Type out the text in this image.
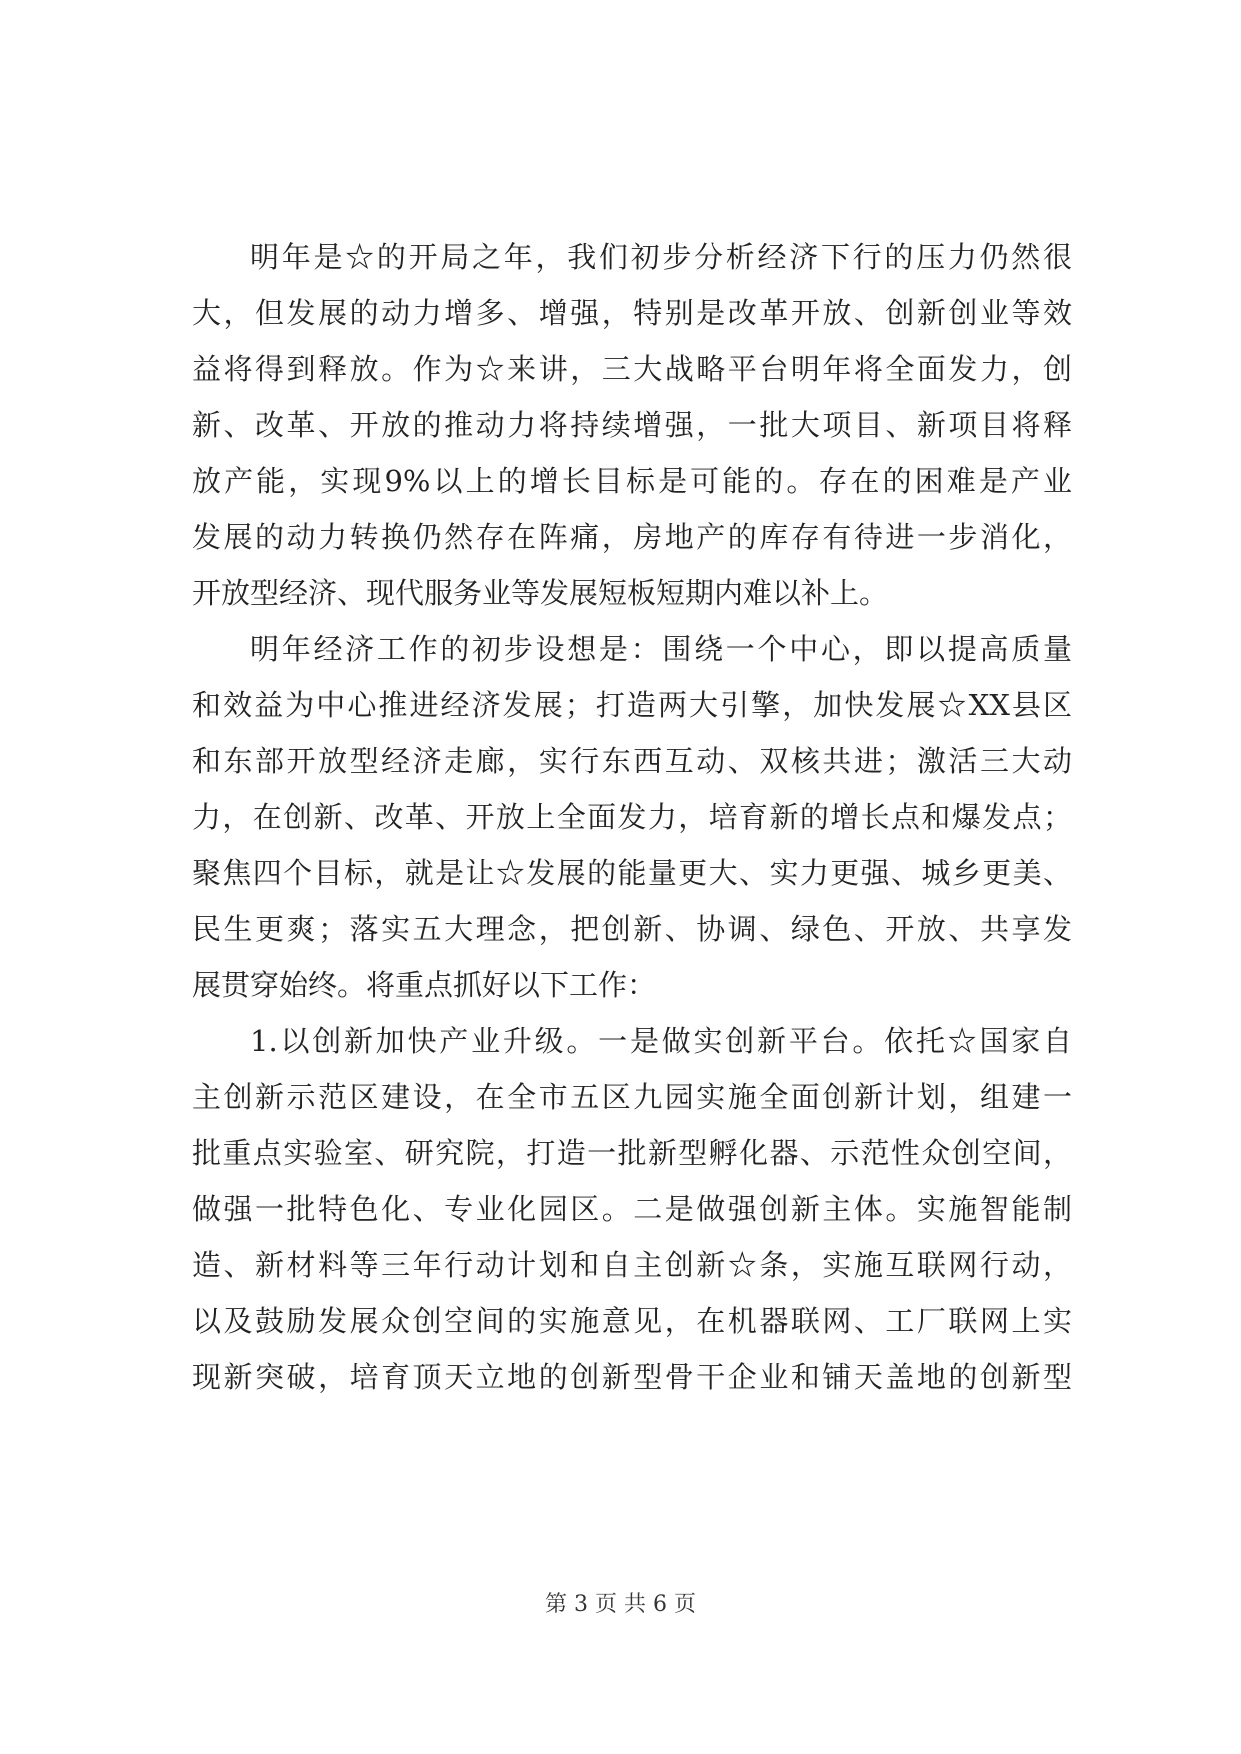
明年是☆的开局之年，我们初步分析经济下行的压力仍然很
大，但发展的动力增多、增强，特别是改革开放、创新创业等效
益将得到释放。作为☆来讲，三大战略平台明年将全面发力，创
新、改革、开放的推动力将持续增强，一批大项目、新项目将释
放产能，实现9%以上的增长目标是可能的。存在的困难是产业
发展的动力转换仍然存在阵痛，房地产的库存有待进一步消化，
开放型经济、现代服务业等发展短板短期内难以补上。
明年经济工作的初步设想是：围绕一个中心，即以提高质量
和效益为中心推进经济发展；打造两大引擎，加快发展☆XX县区
和东部开放型经济走廊，实行东西互动、双核共进；激活三大动
力，在创新、改革、开放上全面发力，培育新的增长点和爆发点；
聚焦四个目标，就是让☆发展的能量更大、实力更强、城乡更美、
民生更爽；落实五大理念，把创新、协调、绿色、开放、共享发
展贯穿始终。将重点抓好以下工作：
1.以创新加快产业升级。一是做实创新平台。依托☆国家自
主创新示范区建设，在全市五区九园实施全面创新计划，组建一
批重点实验室、研究院，打造一批新型孵化器、示范性众创空间，
做强一批特色化、专业化园区。二是做强创新主体。实施智能制
造、新材料等三年行动计划和自主创新☆条，实施互联网行动，
以及鼓励发展众创空间的实施意见，在机器联网、工厂联网上实
现新突破，培育顶天立地的创新型骨干企业和铺天盖地的创新型
第 3 页 共 6 页
